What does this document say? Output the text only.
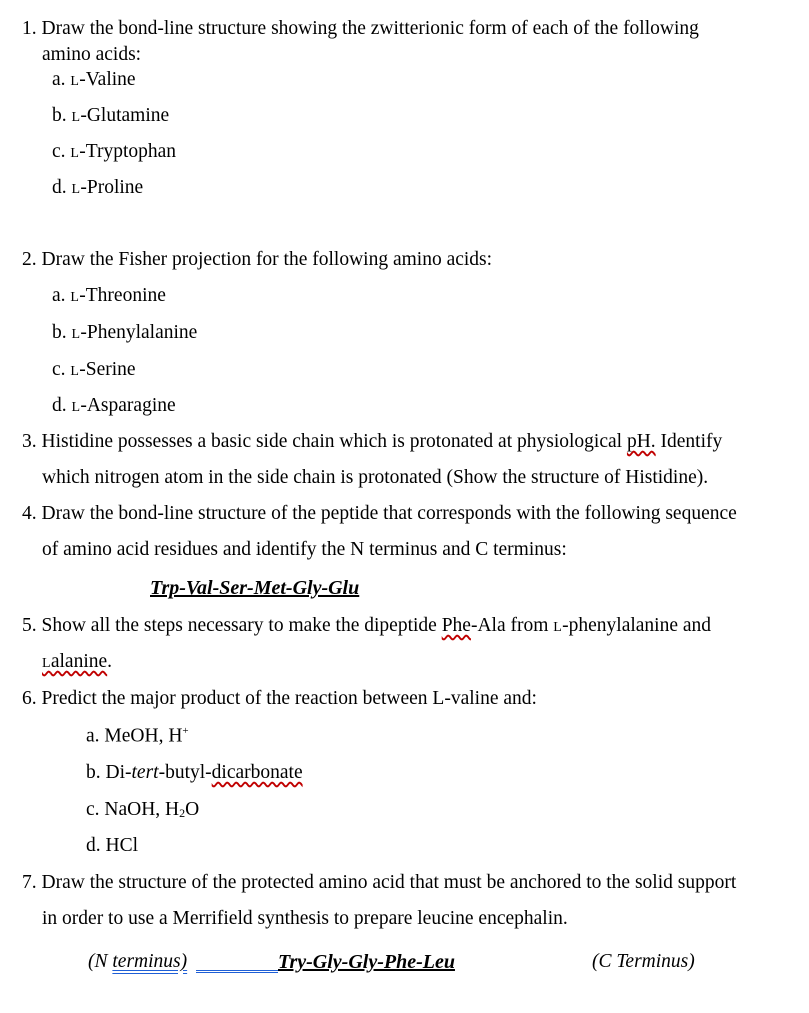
1. Draw the bond-line structure showing the zwitterionic form of each of the following
amino acids:
a. L-Valine
b. L-Glutamine
c. L-Tryptophan
d. L-Proline
2. Draw the Fisher projection for the following amino acids:
a. L-Threonine
b. L-Phenylalanine
c. L-Serine
d. L-Asparagine
3. Histidine possesses a basic side chain which is protonated at physiological pH. Identify
which nitrogen atom in the side chain is protonated (Show the structure of Histidine).
4. Draw the bond-line structure of the peptide that corresponds with the following sequence
of amino acid residues and identify the N terminus and C terminus:
Trp-Val-Ser-Met-Gly-Glu
5. Show all the steps necessary to make the dipeptide Phe-Ala from L-phenylalanine and
Lalanine.
6. Predict the major product of the reaction between L-valine and:
a. MeOH, H+
b. Di-tert-butyl-dicarbonate
c. NaOH, $H_2O$
d. HCl
7. Draw the structure of the protected amino acid that must be anchored to the solid support
in order to use a Merrifield synthesis to prepare leucine encephalin.
(N terminus)	Try-Gly-Gly-Phe-Leu	(C Terminus)
